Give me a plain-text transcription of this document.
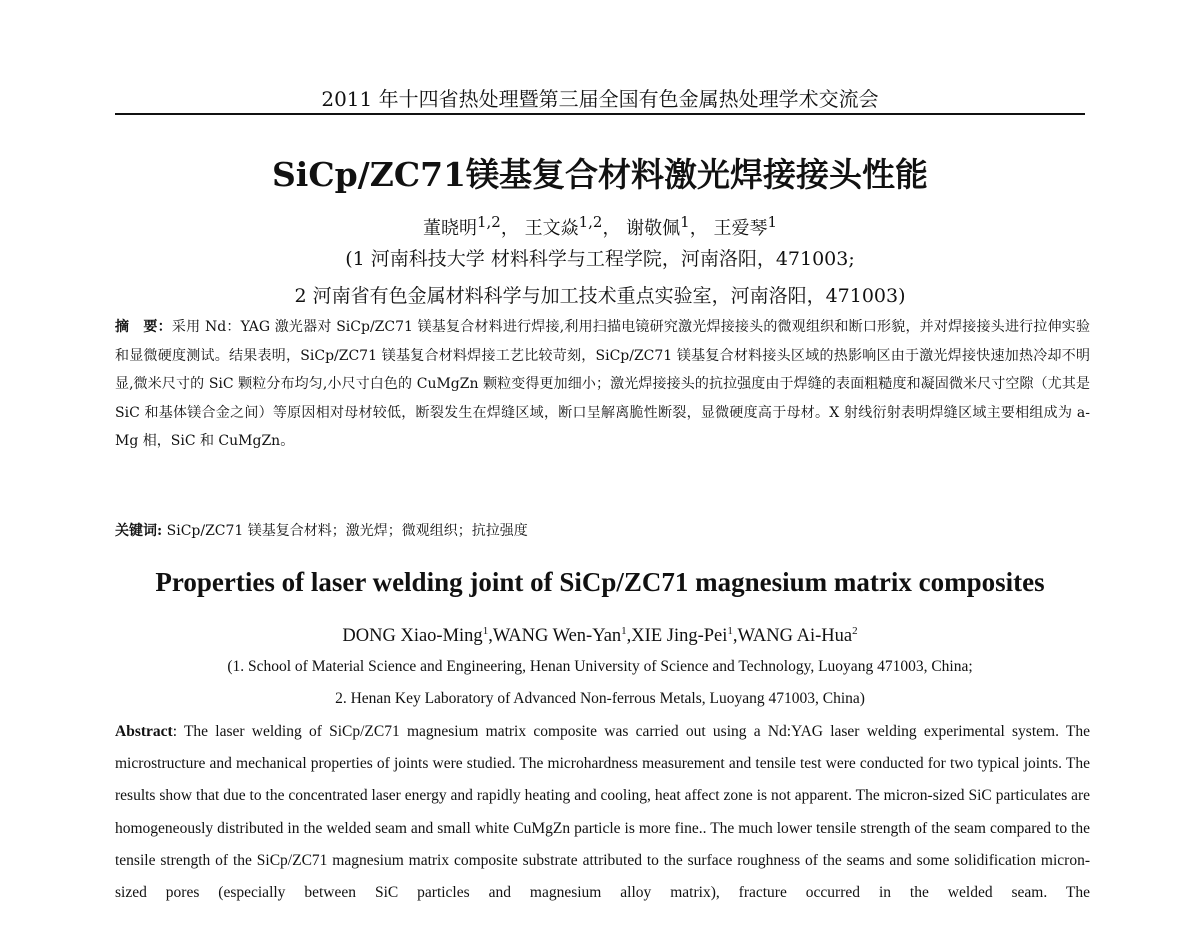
2011 年十四省热处理暨第三届全国有色金属热处理学术交流会
SiCp/ZC71镁基复合材料激光焊接接头性能
董晓明$^{1,2}$， 王文焱$^{1,2}$， 谢敬佩$^1$， 王爱琴$^1$
(1 河南科技大学 材料科学与工程学院，河南洛阳，471003;
2 河南省有色金属材料科学与加工技术重点实验室，河南洛阳，471003)
摘　要：采用 Nd：YAG 激光器对 SiCp/ZC71 镁基复合材料进行焊接,利用扫描电镜研究激光焊接接头的微观组织和断口形貌，并对焊接接头进行拉伸实验和显微硬度测试。结果表明，SiCp/ZC71 镁基复合材料焊接工艺比较苛刻，SiCp/ZC71 镁基复合材料接头区域的热影响区由于激光焊接快速加热冷却不明显,微米尺寸的 SiC 颗粒分布均匀,小尺寸白色的 CuMgZn 颗粒变得更加细小；激光焊接接头的抗拉强度由于焊缝的表面粗糙度和凝固微米尺寸空隙（尤其是 SiC 和基体镁合金之间）等原因相对母材较低，断裂发生在焊缝区域，断口呈解离脆性断裂，显微硬度高于母材。X 射线衍射表明焊缝区域主要相组成为 a-Mg 相，SiC 和 CuMgZn。
关键词: SiCp/ZC71 镁基复合材料；激光焊；微观组织；抗拉强度
Properties of laser welding joint of SiCp/ZC71 magnesium matrix composites
DONG Xiao-Ming$^1$,WANG Wen-Yan$^1$,XIE Jing-Pei$^1$,WANG Ai-Hua$^2$
(1. School of Material Science and Engineering, Henan University of Science and Technology, Luoyang 471003, China;
2. Henan Key Laboratory of Advanced Non-ferrous Metals, Luoyang 471003, China)
Abstract: The laser welding of SiCp/ZC71 magnesium matrix composite was carried out using a Nd:YAG laser welding experimental system. The microstructure and mechanical properties of joints were studied. The microhardness measurement and tensile test were conducted for two typical joints. The results show that due to the concentrated laser energy and rapidly heating and cooling, heat affect zone is not apparent. The micron-sized SiC particulates are homogeneously distributed in the welded seam and small white CuMgZn particle is more fine.. The much lower tensile strength of the seam compared to the tensile strength of the SiCp/ZC71 magnesium matrix composite substrate attributed to the surface roughness of the seams and some solidification micron-sized pores (especially between SiC particles and magnesium alloy matrix), fracture occurred in the welded seam. The
